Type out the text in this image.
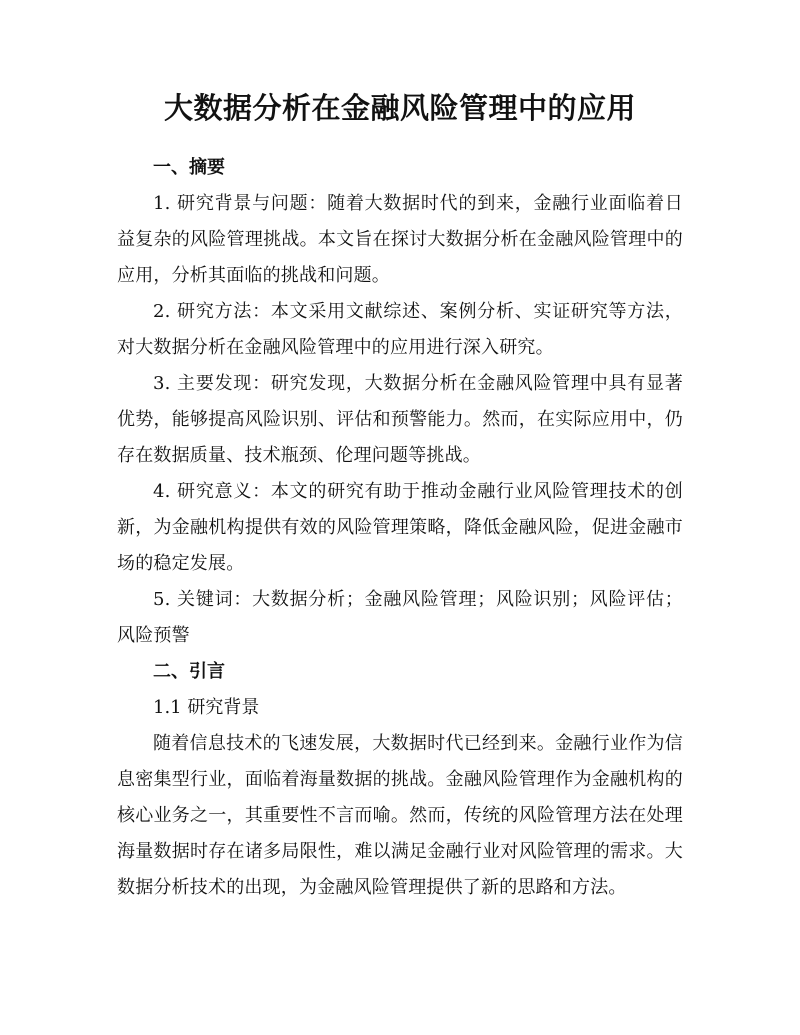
大数据分析在金融风险管理中的应用
一、摘要

1. 研究背景与问题：随着大数据时代的到来，金融行业面临着日益复杂的风险管理挑战。本文旨在探讨大数据分析在金融风险管理中的应用，分析其面临的挑战和问题。

2. 研究方法：本文采用文献综述、案例分析、实证研究等方法，对大数据分析在金融风险管理中的应用进行深入研究。

3. 主要发现：研究发现，大数据分析在金融风险管理中具有显著优势，能够提高风险识别、评估和预警能力。然而，在实际应用中，仍存在数据质量、技术瓶颈、伦理问题等挑战。

4. 研究意义：本文的研究有助于推动金融行业风险管理技术的创新，为金融机构提供有效的风险管理策略，降低金融风险，促进金融市场的稳定发展。

5. 关键词：大数据分析；金融风险管理；风险识别；风险评估；风险预警

二、引言

1.1 研究背景

随着信息技术的飞速发展，大数据时代已经到来。金融行业作为信息密集型行业，面临着海量数据的挑战。金融风险管理作为金融机构的核心业务之一，其重要性不言而喻。然而，传统的风险管理方法在处理海量数据时存在诸多局限性，难以满足金融行业对风险管理的需求。大数据分析技术的出现，为金融风险管理提供了新的思路和方法。
